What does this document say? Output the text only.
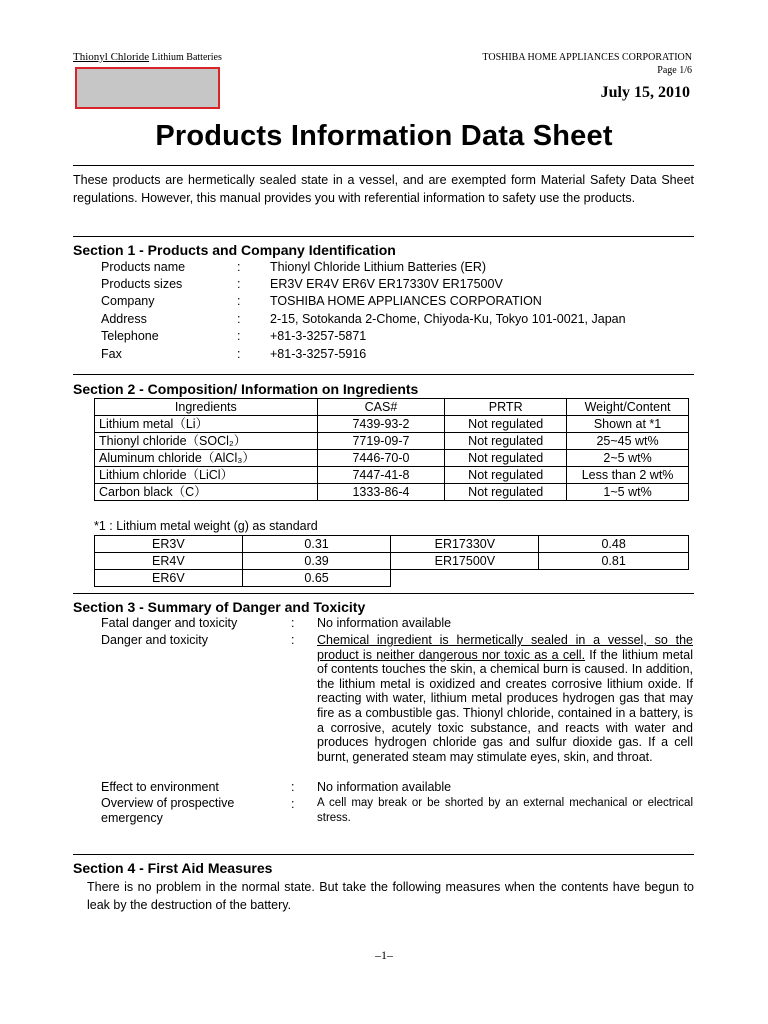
Thionyl Chloride Lithium Batteries	TOSHIBA HOME APPLIANCES CORPORATION
Page 1/6
July 15, 2010
Products Information Data Sheet
These products are hermetically sealed state in a vessel, and are exempted form Material Safety Data Sheet regulations. However, this manual provides you with referential information to safety use the products.
Section 1 - Products and Company Identification
Products name	: Thionyl Chloride Lithium Batteries (ER)
Products sizes	: ER3V ER4V ER6V ER17330V ER17500V
Company	: TOSHIBA HOME APPLIANCES CORPORATION
Address	: 2-15, Sotokanda 2-Chome, Chiyoda-Ku, Tokyo 101-0021, Japan
Telephone	: +81-3-3257-5871
Fax	: +81-3-3257-5916
Section 2 - Composition/ Information on Ingredients
Ingredients	CAS#	PRTR	Weight/Content
Lithium metal（Li）	7439-93-2	Not regulated	Shown at *1
Thionyl chloride（SOCl₂）	7719-09-7	Not regulated	25~45 wt%
Aluminum chloride（AlCl₃）	7446-70-0	Not regulated	2~5 wt%
Lithium chloride（LiCl）	7447-41-8	Not regulated	Less than 2 wt%
Carbon black（C）	1333-86-4	Not regulated	1~5 wt%
*1 : Lithium metal weight (g) as standard
ER3V	0.31	ER17330V	0.48
ER4V	0.39	ER17500V	0.81
ER6V	0.65		
Section 3 - Summary of Danger and Toxicity
Fatal danger and toxicity	: No information available
Danger and toxicity	: Chemical ingredient is hermetically sealed in a vessel, so the product is neither dangerous nor toxic as a cell. If the lithium metal of contents touches the skin, a chemical burn is caused. In addition, the lithium metal is oxidized and creates corrosive lithium oxide. If reacting with water, lithium metal produces hydrogen gas that may fire as a combustible gas. Thionyl chloride, contained in a battery, is a corrosive, acutely toxic substance, and reacts with water and produces hydrogen chloride gas and sulfur dioxide gas. If a cell burnt, generated steam may stimulate eyes, skin, and throat.
Effect to environment	: No information available
Overview of prospective emergency
: A cell may break or be shorted by an external mechanical or electrical stress.
Section 4 - First Aid Measures
There is no problem in the normal state. But take the following measures when the contents have begun to leak by the destruction of the battery.
–1–
